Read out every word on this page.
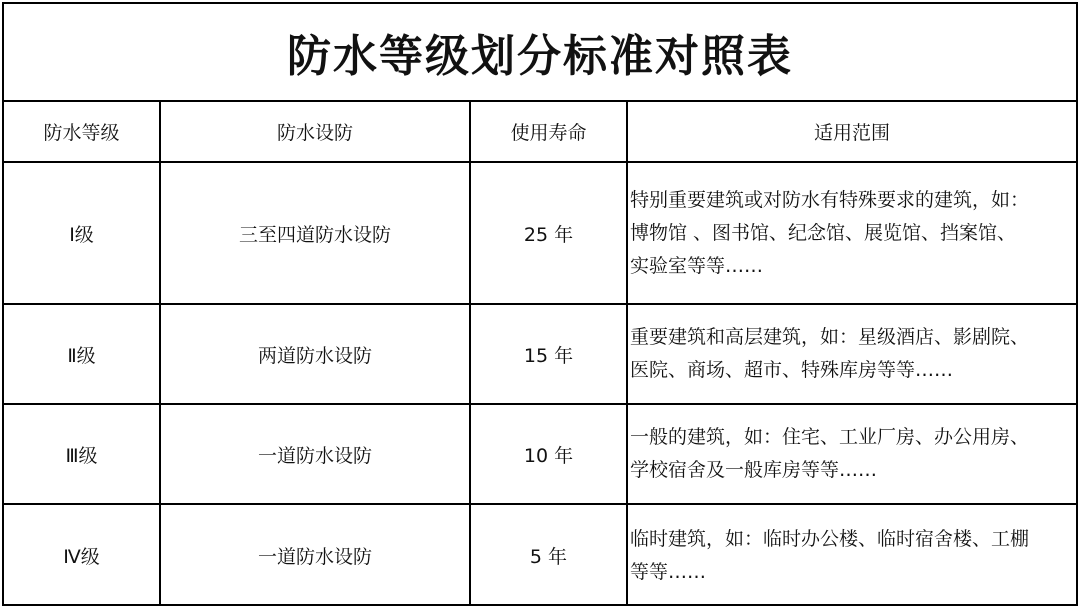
防水等级划分标准对照表
防水等级	防水设防	使用寿命	适用范围
Ⅰ级	三至四道防水设防	25 年	特别重要建筑或对防水有特殊要求的建筑，如：
博物馆 、图书馆、纪念馆、展览馆、挡案馆、
实验室等等……

Ⅱ级	两道防水设防	15 年	重要建筑和高层建筑，如：星级酒店、影剧院、
医院、商场、超市、特殊库房等等……

Ⅲ级	一道防水设防	10 年	一般的建筑，如：住宅、工业厂房、办公用房、
学校宿舍及一般库房等等……

Ⅳ级	一道防水设防	5 年	临时建筑，如：临时办公楼、临时宿舍楼、工棚
等等……
